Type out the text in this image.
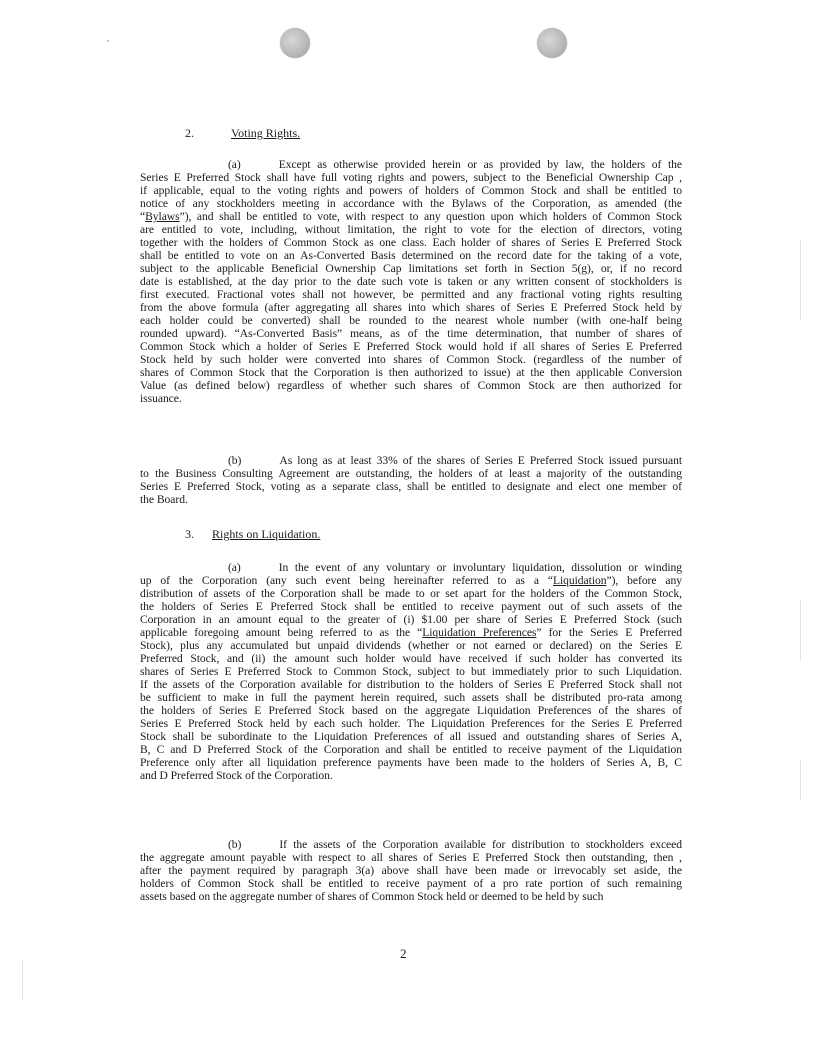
2.	Voting Rights.
(a)	Except as otherwise provided herein or as provided by law, the holders of the
Series E Preferred Stock shall have full voting rights and powers, subject to the Beneficial Ownership Cap ,
if applicable, equal to the voting rights and powers of holders of Common Stock and shall be entitled to
notice of any stockholders meeting in accordance with the Bylaws of the Corporation, as amended (the
“Bylaws”), and shall be entitled to vote, with respect to any question upon which holders of Common Stock
are entitled to vote, including, without limitation, the right to vote for the election of directors, voting
together with the holders of Common Stock as one class. Each holder of shares of Series E Preferred Stock
shall be entitled to vote on an As-Converted Basis determined on the record date for the taking of a vote,
subject to the applicable Beneficial Ownership Cap limitations set forth in Section 5(g), or, if no record
date is established, at the day prior to the date such vote is taken or any written consent of stockholders is
first executed. Fractional votes shall not however, be permitted and any fractional voting rights resulting
from the above formula (after aggregating all shares into which shares of Series E Preferred Stock held by
each holder could be converted) shall be rounded to the nearest whole number (with one-half being
rounded upward). “As-Converted Basis” means, as of the time determination, that number of shares of
Common Stock which a holder of Series E Preferred Stock would hold if all shares of Series E Preferred
Stock held by such holder were converted into shares of Common Stock. (regardless of the number of
shares of Common Stock that the Corporation is then authorized to issue) at the then applicable Conversion
Value (as defined below) regardless of whether such shares of Common Stock are then authorized for
issuance.
(b)	As long as at least 33% of the shares of Series E Preferred Stock issued pursuant
to the Business Consulting Agreement are outstanding, the holders of at least a majority of the outstanding
Series E Preferred Stock, voting as a separate class, shall be entitled to designate and elect one member of
the Board.
3. Rights on Liquidation.
(a)	In the event of any voluntary or involuntary liquidation, dissolution or winding
up of the Corporation (any such event being hereinafter referred to as a “Liquidation”), before any
distribution of assets of the Corporation shall be made to or set apart for the holders of the Common Stock,
the holders of Series E Preferred Stock shall be entitled to receive payment out of such assets of the
Corporation in an amount equal to the greater of (i) $1.00 per share of Series E Preferred Stock (such
applicable foregoing amount being referred to as the “Liquidation Preferences” for the Series E Preferred
Stock), plus any accumulated but unpaid dividends (whether or not earned or declared) on the Series E
Preferred Stock, and (ii) the amount such holder would have received if such holder has converted its
shares of Series E Preferred Stock to Common Stock, subject to but immediately prior to such Liquidation.
If the assets of the Corporation available for distribution to the holders of Series E Preferred Stock shall not
be sufficient to make in full the payment herein required, such assets shall be distributed pro-rata among
the holders of Series E Preferred Stock based on the aggregate Liquidation Preferences of the shares of
Series E Preferred Stock held by each such holder. The Liquidation Preferences for the Series E Preferred
Stock shall be subordinate to the Liquidation Preferences of all issued and outstanding shares of Series A,
B, C and D Preferred Stock of the Corporation and shall be entitled to receive payment of the Liquidation
Preference only after all liquidation preference payments have been made to the holders of Series A, B, C
and D Preferred Stock of the Corporation.
(b)	If the assets of the Corporation available for distribution to stockholders exceed
the aggregate amount payable with respect to all shares of Series E Preferred Stock then outstanding, then ,
after the payment required by paragraph 3(a) above shall have been made or irrevocably set aside, the
holders of Common Stock shall be entitled to receive payment of a pro rate portion of such remaining
assets based on the aggregate number of shares of Common Stock held or deemed to be held by such
2
